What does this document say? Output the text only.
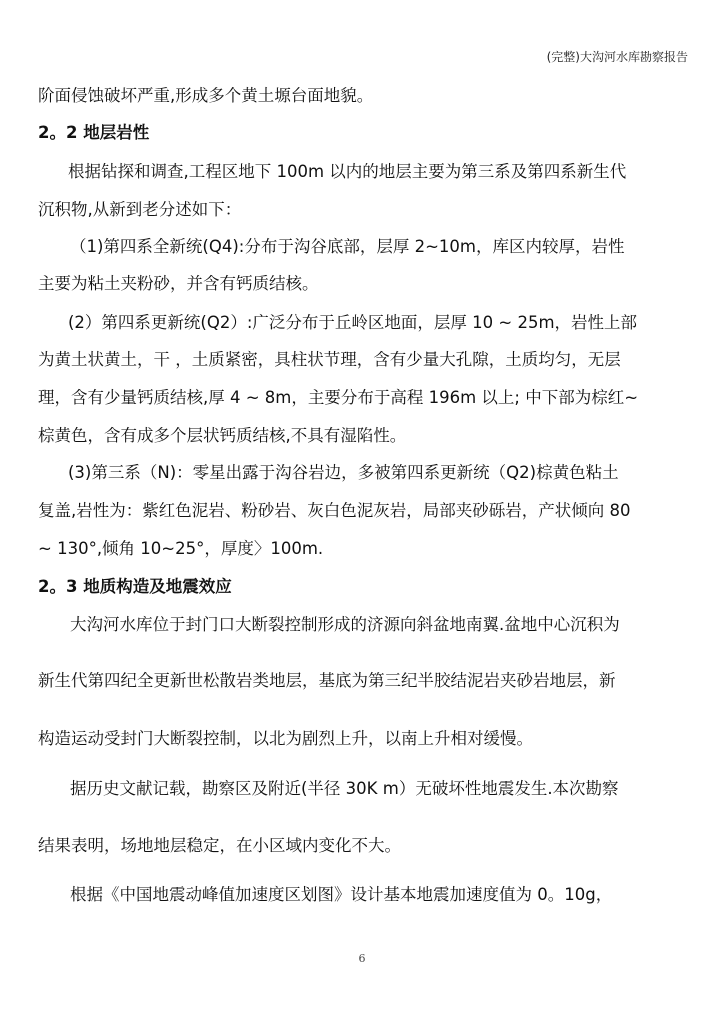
(完整)大沟河水库勘察报告
阶面侵蚀破坏严重,形成多个黄土塬台面地貌。
2。2 地层岩性
根据钻探和调查,工程区地下 100m 以内的地层主要为第三系及第四系新生代
沉积物,从新到老分述如下：
（1)第四系全新统(Q4):分布于沟谷底部，层厚 2~10m，库区内较厚，岩性
主要为粘土夹粉砂，并含有钙质结核。
(2）第四系更新统(Q2）:广泛分布于丘岭区地面，层厚 10 ~ 25m，岩性上部
为黄土状黄土，干 ，土质紧密，具柱状节理，含有少量大孔隙，土质均匀，无层
理，含有少量钙质结核,厚 4 ~ 8m，主要分布于高程 196m 以上; 中下部为棕红~
棕黄色，含有成多个层状钙质结核,不具有湿陷性。
(3)第三系（N)：零星出露于沟谷岩边，多被第四系更新统（Q2)棕黄色粘土
复盖,岩性为：紫红色泥岩、粉砂岩、灰白色泥灰岩，局部夹砂砾岩，产状倾向 80
~ 130°,倾角 10~25°，厚度〉100m.
2。3 地质构造及地震效应
大沟河水库位于封门口大断裂控制形成的济源向斜盆地南翼.盆地中心沉积为
新生代第四纪全更新世松散岩类地层，基底为第三纪半胶结泥岩夹砂岩地层，新
构造运动受封门大断裂控制，以北为剧烈上升，以南上升相对缓慢。
据历史文献记载，勘察区及附近(半径 30K m）无破坏性地震发生.本次勘察
结果表明，场地地层稳定，在小区域内变化不大。
根据《中国地震动峰值加速度区划图》设计基本地震加速度值为 0。10g，
6
